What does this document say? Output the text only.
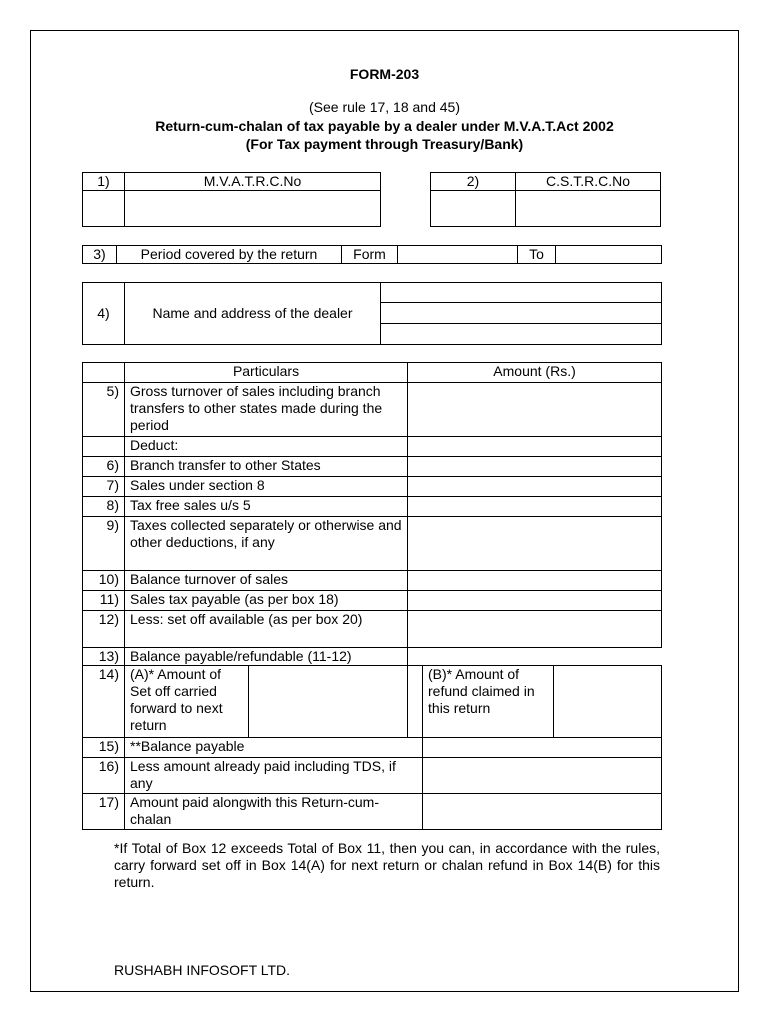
FORM-203
(See rule 17, 18 and 45)
Return-cum-chalan of tax payable by a dealer under M.V.A.T.Act 2002
(For Tax payment through Treasury/Bank)
1)	M.V.A.T.R.C.No
		2)	C.S.T.R.C.No

3)	Period covered by the return	Form		To	
4)	Name and address of the dealer	

	Particulars		Amount (Rs.)		
5)	Gross turnover of sales including branch transfers to other states made during the period				
	Deduct:				
6)	Branch transfer to other States				
7)	Sales under section 8				
8)	Tax free sales u/s 5				
9)	Taxes collected separately or otherwise and other deductions, if any				
10)	Balance turnover of sales				
11)	Sales tax payable (as per box 18)				
12)	Less: set off available (as per box 20)				
13)	Balance payable/refundable (11-12)				
14)	(A)* Amount of Set off carried forward to next return			(B)* Amount of refund claimed in this return	
15)	**Balance payable				
16)	Less amount already paid including TDS, if any				
17)	Amount paid alongwith this Return-cum-chalan				
*If Total of Box 12 exceeds Total of Box 11, then you can, in accordance with the rules, carry forward set off in Box 14(A) for next return or chalan refund in Box 14(B) for this return.
RUSHABH INFOSOFT LTD.
